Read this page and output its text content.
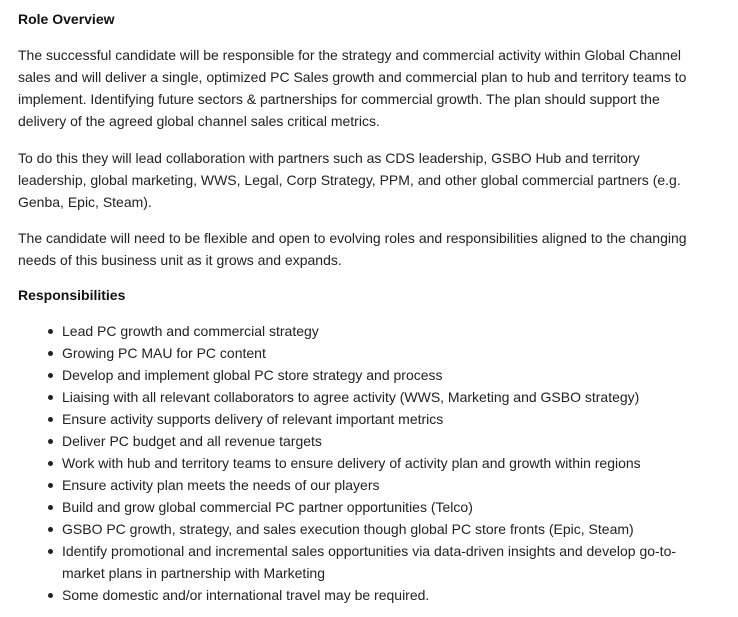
Role Overview

The successful candidate will be responsible for the strategy and commercial activity within Global Channel sales and will deliver a single, optimized PC Sales growth and commercial plan to hub and territory teams to implement. Identifying future sectors & partnerships for commercial growth. The plan should support the delivery of the agreed global channel sales critical metrics.

To do this they will lead collaboration with partners such as CDS leadership, GSBO Hub and territory leadership, global marketing, WWS, Legal, Corp Strategy, PPM, and other global commercial partners (e.g. Genba, Epic, Steam).

The candidate will need to be flexible and open to evolving roles and responsibilities aligned to the changing needs of this business unit as it grows and expands.

Responsibilities
Lead PC growth and commercial strategy
Growing PC MAU for PC content
Develop and implement global PC store strategy and process
Liaising with all relevant collaborators to agree activity (WWS, Marketing and GSBO strategy)
Ensure activity supports delivery of relevant important metrics
Deliver PC budget and all revenue targets
Work with hub and territory teams to ensure delivery of activity plan and growth within regions
Ensure activity plan meets the needs of our players
Build and grow global commercial PC partner opportunities (Telco)
GSBO PC growth, strategy, and sales execution though global PC store fronts (Epic, Steam)
Identify promotional and incremental sales opportunities via data-driven insights and develop go-to-market plans in partnership with Marketing
Some domestic and/or international travel may be required.
